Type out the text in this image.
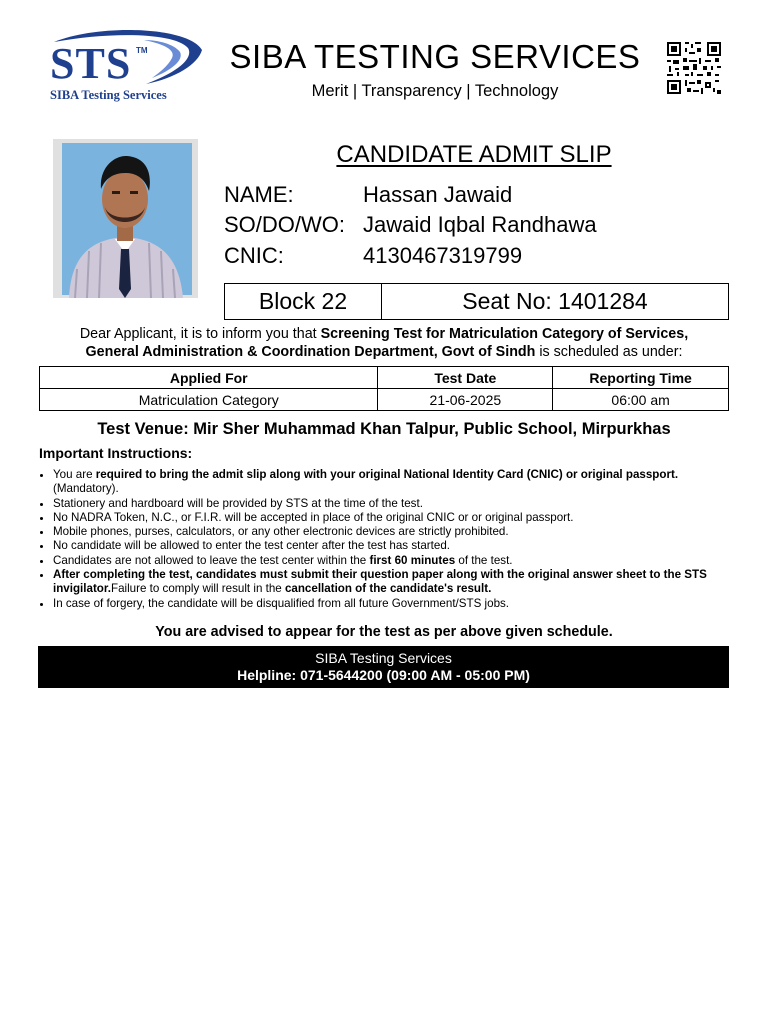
STS TM
SIBA Testing Services
SIBA TESTING SERVICES
Merit | Transparency | Technology
CANDIDATE ADMIT SLIP
NAME:	Hassan Jawaid
SO/DO/WO: Jawaid Iqbal Randhawa
CNIC:	4130467319799
Block 22	Seat No: 1401284
Dear Applicant, it is to inform you that Screening Test for Matriculation Category of Services,
General Administration & Coordination Department, Govt of Sindh is scheduled as under:
Applied For	Test Date	Reporting Time
Matriculation Category	21-06-2025	06:00 am
Test Venue: Mir Sher Muhammad Khan Talpur, Public School, Mirpurkhas
Important Instructions:
• You are required to bring the admit slip along with your original National Identity Card (CNIC) or original passport. (Mandatory).
• Stationery and hardboard will be provided by STS at the time of the test.
• No NADRA Token, N.C., or F.I.R. will be accepted in place of the original CNIC or or original passport.
• Mobile phones, purses, calculators, or any other electronic devices are strictly prohibited.
• No candidate will be allowed to enter the test center after the test has started.
• Candidates are not allowed to leave the test center within the first 60 minutes of the test.
• After completing the test, candidates must submit their question paper along with the original answer sheet to the STS invigilator.Failure to comply will result in the cancellation of the candidate's result.
• In case of forgery, the candidate will be disqualified from all future Government/STS jobs.
You are advised to appear for the test as per above given schedule.
SIBA Testing Services
Helpline: 071-5644200 (09:00 AM - 05:00 PM)
